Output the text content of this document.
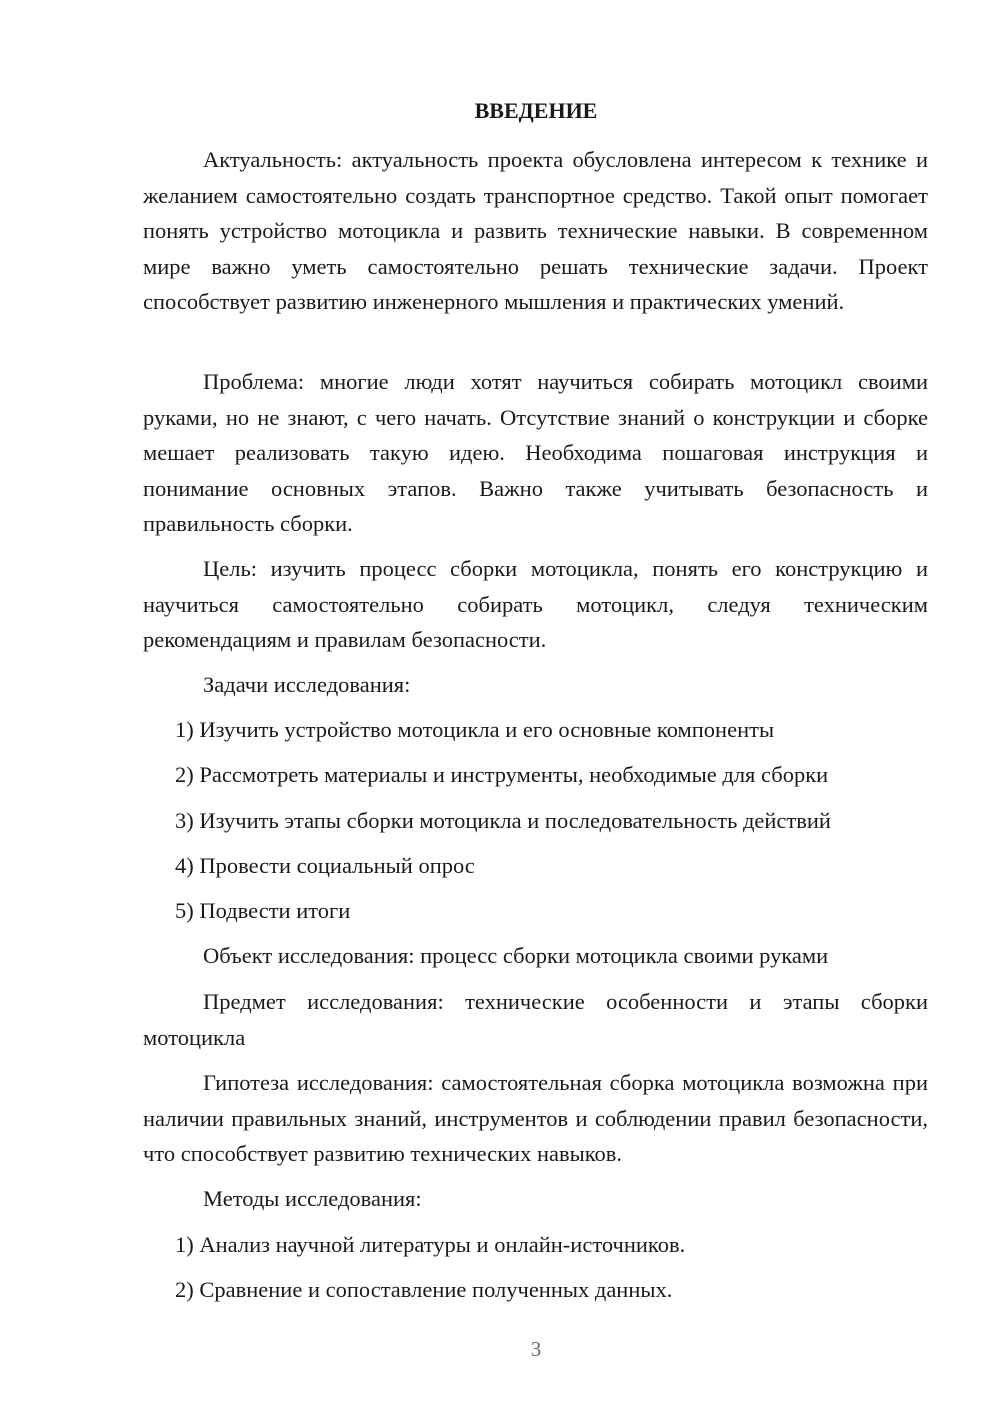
ВВЕДЕНИЕ

Актуальность: актуальность проекта обусловлена интересом к технике и желанием самостоятельно создать транспортное средство. Такой опыт помогает понять устройство мотоцикла и развить технические навыки. В современном мире важно уметь самостоятельно решать технические задачи. Проект способствует развитию инженерного мышления и практических умений.

Проблема: многие люди хотят научиться собирать мотоцикл своими руками, но не знают, с чего начать. Отсутствие знаний о конструкции и сборке мешает реализовать такую идею. Необходима пошаговая инструкция и понимание основных этапов. Важно также учитывать безопасность и правильность сборки.

Цель: изучить процесс сборки мотоцикла, понять его конструкцию и научиться самостоятельно собирать мотоцикл, следуя техническим рекомендациям и правилам безопасности.

Задачи исследования:

1) Изучить устройство мотоцикла и его основные компоненты

2) Рассмотреть материалы и инструменты, необходимые для сборки

3) Изучить этапы сборки мотоцикла и последовательность действий

4) Провести социальный опрос

5) Подвести итоги

Объект исследования: процесс сборки мотоцикла своими руками

Предмет исследования: технические особенности и этапы сборки мотоцикла

Гипотеза исследования: самостоятельная сборка мотоцикла возможна при наличии правильных знаний, инструментов и соблюдении правил безопасности, что способствует развитию технических навыков.

Методы исследования:

1) Анализ научной литературы и онлайн-источников.

2) Сравнение и сопоставление полученных данных.

3
